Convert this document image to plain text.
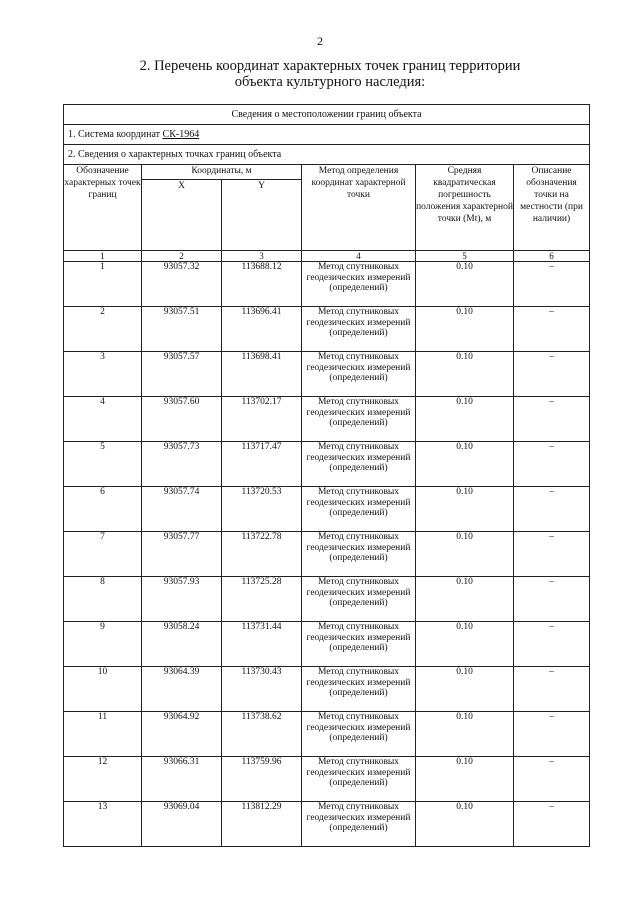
2
2. Перечень координат характерных точек границ территории
объекта культурного наследия:
Сведения о местоположении границ объекта					
1. Система координат СК-1964					
2. Сведения о характерных точках границ объекта					
Обозначение характерных точек границ	Координаты, м		Метод определения координат характерной точки	Средняя квадратическая погрешность положения характерной точки (Mt), м	Описание обозначения точки на местности (при наличии)
	X	Y			
1	2	3	4	5	6
1	93057.32	113688.12	Метод спутниковых геодезических измерений (определений)	0.10	–
2	93057.51	113696.41	Метод спутниковых геодезических измерений (определений)	0.10	–
3	93057.57	113698.41	Метод спутниковых геодезических измерений (определений)	0.10	–
4	93057.60	113702.17	Метод спутниковых геодезических измерений (определений)	0.10	–
5	93057.73	113717.47	Метод спутниковых геодезических измерений (определений)	0.10	–
6	93057.74	113720.53	Метод спутниковых геодезических измерений (определений)	0.10	–
7	93057.77	113722.78	Метод спутниковых геодезических измерений (определений)	0.10	–
8	93057.93	113725.28	Метод спутниковых геодезических измерений (определений)	0.10	–
9	93058.24	113731.44	Метод спутниковых геодезических измерений (определений)	0.10	–
10	93064.39	113730.43	Метод спутниковых геодезических измерений (определений)	0.10	–
11	93064.92	113738.62	Метод спутниковых геодезических измерений (определений)	0.10	–
12	93066.31	113759.96	Метод спутниковых геодезических измерений (определений)	0.10	–
13	93069.04	113812.29	Метод спутниковых геодезических измерений (определений)	0.10	–
